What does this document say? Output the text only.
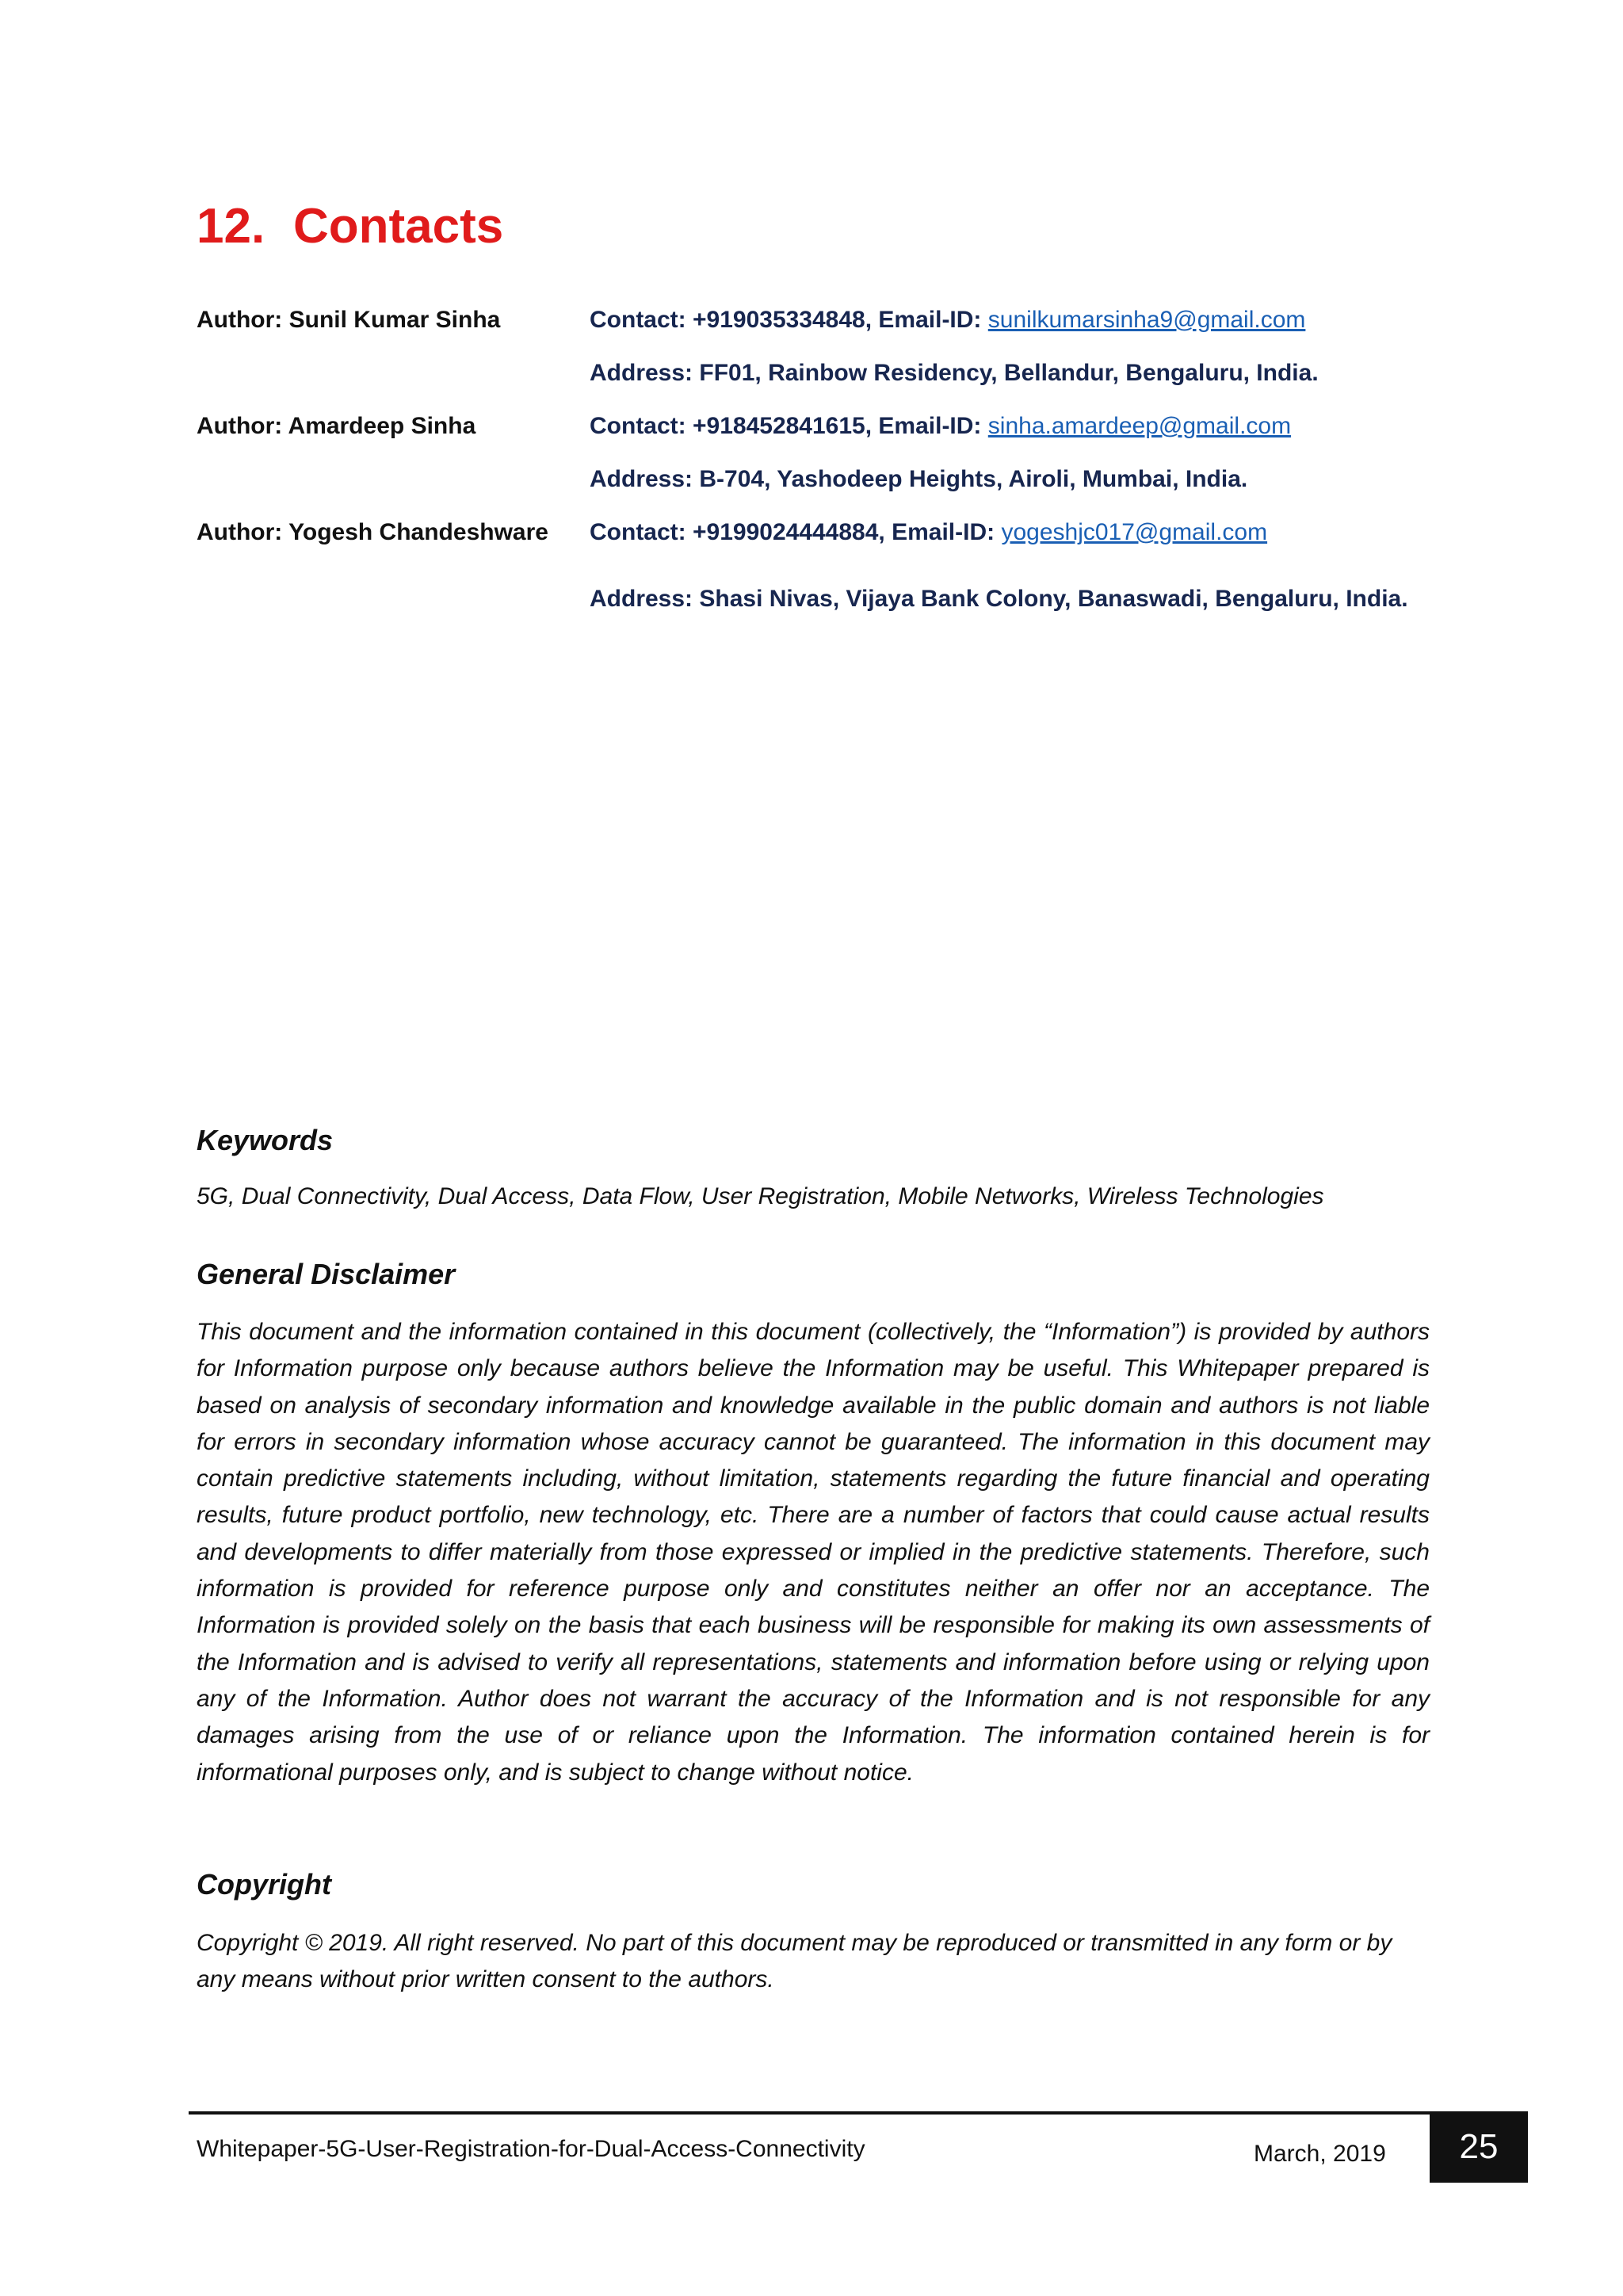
12. Contacts
Author: Sunil Kumar Sinha	Contact: +919035334848, Email-ID: sunilkumarsinha9@gmail.com
Address: FF01, Rainbow Residency, Bellandur, Bengaluru, India.
Author: Amardeep Sinha	Contact: +918452841615, Email-ID: sinha.amardeep@gmail.com
Address: B-704, Yashodeep Heights, Airoli, Mumbai, India.
Author: Yogesh Chandeshware Contact: +9199024444884, Email-ID: yogeshjc017@gmail.com
Address: Shasi Nivas, Vijaya Bank Colony, Banaswadi, Bengaluru, India.
Keywords

5G, Dual Connectivity, Dual Access, Data Flow, User Registration, Mobile Networks, Wireless Technologies

General Disclaimer

This document and the information contained in this document (collectively, the “Information”) is provided by authors for Information purpose only because authors believe the Information may be useful. This Whitepaper prepared is based on analysis of secondary information and knowledge available in the public domain and authors is not liable for errors in secondary information whose accuracy cannot be guaranteed. The information in this document may contain predictive statements including, without limitation, statements regarding the future financial and operating results, future product portfolio, new technology, etc. There are a number of factors that could cause actual results and developments to differ materially from those expressed or implied in the predictive statements. Therefore, such information is provided for reference purpose only and constitutes neither an offer nor an acceptance. The Information is provided solely on the basis that each business will be responsible for making its own assessments of the Information and is advised to verify all representations, statements and information before using or relying upon any of the Information. Author does not warrant the accuracy of the Information and is not responsible for any damages arising from the use of or reliance upon the Information. The information contained herein is for informational purposes only, and is subject to change without notice.

Copyright

Copyright © 2019. All right reserved. No part of this document may be reproduced or transmitted in any form or by any means without prior written consent to the authors.

Whitepaper-5G-User-Registration-for-Dual-Access-Connectivity	March, 2019	25
